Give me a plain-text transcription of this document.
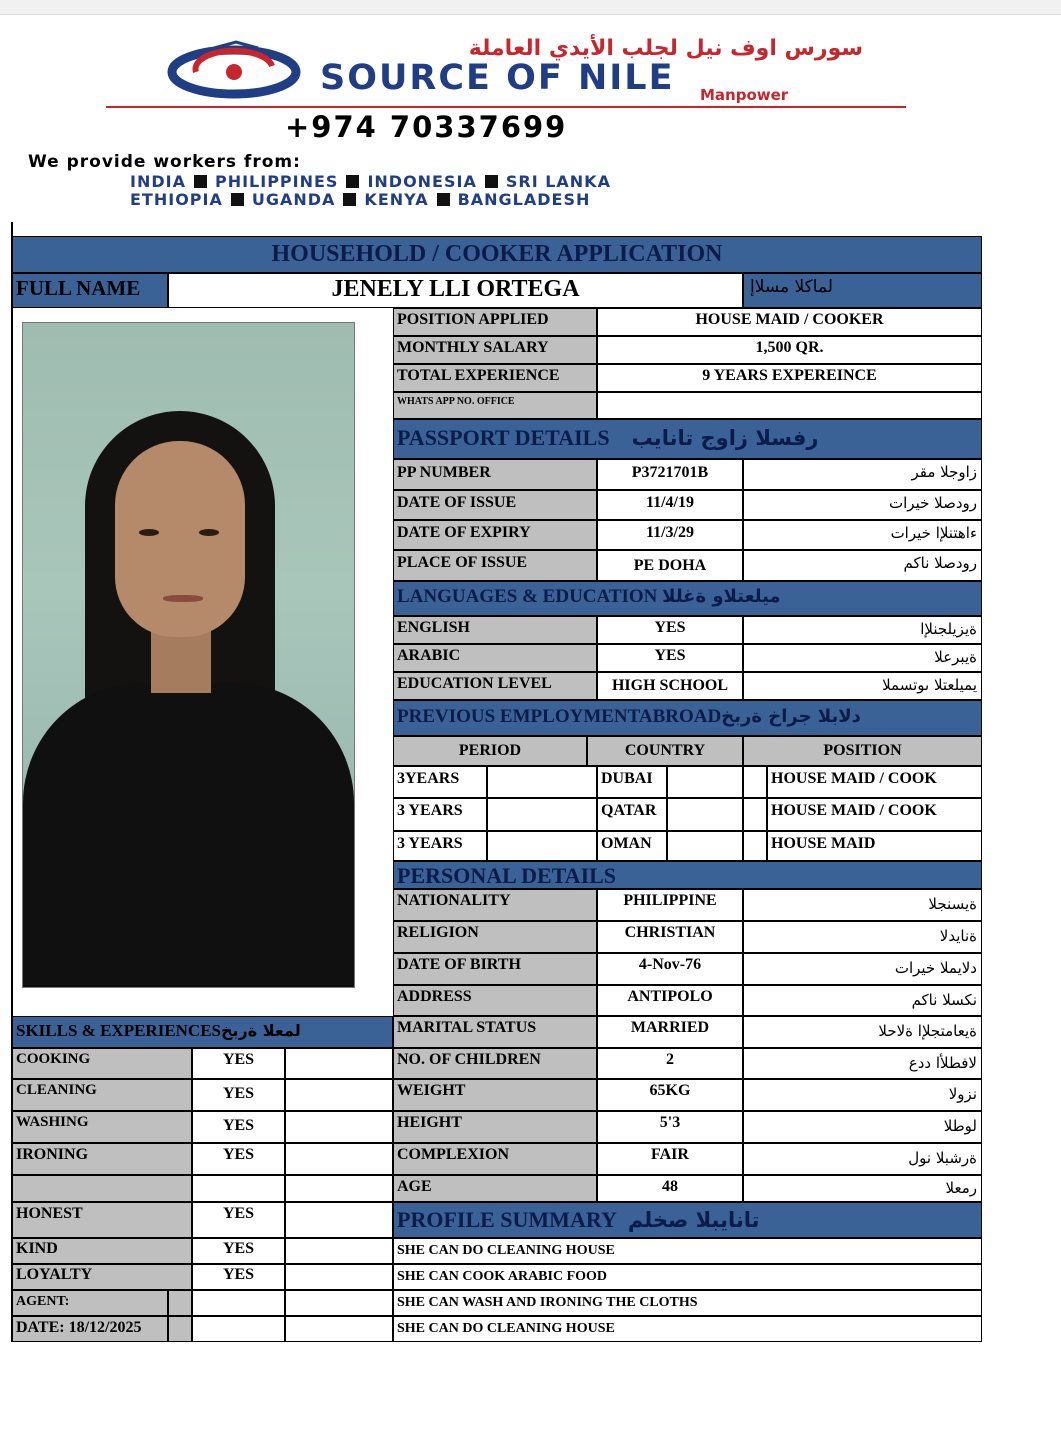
سورس اوف نيل لجلب الأيدي العاملة
SOURCE OF NILE Manpower
+974 70337699
We provide workers from:
INDIA PHILIPPINES INDONESIA SRI LANKA
ETHIOPIA UGANDA KENYA BANGLADESH
HOUSEHOLD / COOKER APPLICATION
FULL NAME	JENELY LLI ORTEGA	لماكلا مسلاإ
POSITION APPLIED	HOUSE MAID / COOKER
MONTHLY SALARY	1,500 QR.
TOTAL EXPERIENCE	9 YEARS EXPEREINCE
WHATS APP NO. OFFICE
PASSPORT DETAILS رفسلا زاوج تانايب
PP NUMBER	P3721701B	زاوجلا مقر
DATE OF ISSUE	11/4/19	رودصلا خيرات
DATE OF EXPIRY	11/3/29	ءاهتنلإا خيرات
PLACE OF ISSUE	PE DOHA	رودصلا ناكم
LANGUAGES & EDUCATION ميلعتلاو ةغللا
ENGLISH	YES	ةيزيلجنلإا
ARABIC	YES	ةيبرعلا
EDUCATION LEVEL	HIGH SCHOOL	يميلعتلا ىوتسملا
PREVIOUS EMPLOYMENTABROADدلابلا جراخ ةربخ
PERIOD	COUNTRY	POSITION
3YEARS	DUBAI	HOUSE MAID / COOK
3 YEARS	QATAR	HOUSE MAID / COOK
3 YEARS	OMAN	HOUSE MAID
PERSONAL DETAILS
NATIONALITY	PHILIPPINE	ةيسنجلا
RELIGION	CHRISTIAN	ةنايدلا
DATE OF BIRTH	4-Nov-76	دلايملا خيرات
ADDRESS	ANTIPOLO	نكسلا ناكم
MARITAL STATUS	MARRIED	ةيعامتجلإا ةلاحلا
NO. OF CHILDREN	2	لافطلأا ددع
WEIGHT	65KG	نزولا
HEIGHT	5'3	لوطلا
COMPLEXION	FAIR	ةرشبلا نول
AGE	48	رمعلا
PROFILE SUMMARY تانايبلا صخلم
SHE CAN DO CLEANING HOUSE
SHE CAN COOK ARABIC FOOD
SHE CAN WASH AND IRONING THE CLOTHS
SHE CAN DO CLEANING HOUSE
SKILLS & EXPERIENCESلمعلا ةربخ
COOKING	YES
CLEANING	YES
WASHING	YES
IRONING	YES
HONEST	YES
KIND	YES
LOYALTY	YES
AGENT:
DATE: 18/12/2025
